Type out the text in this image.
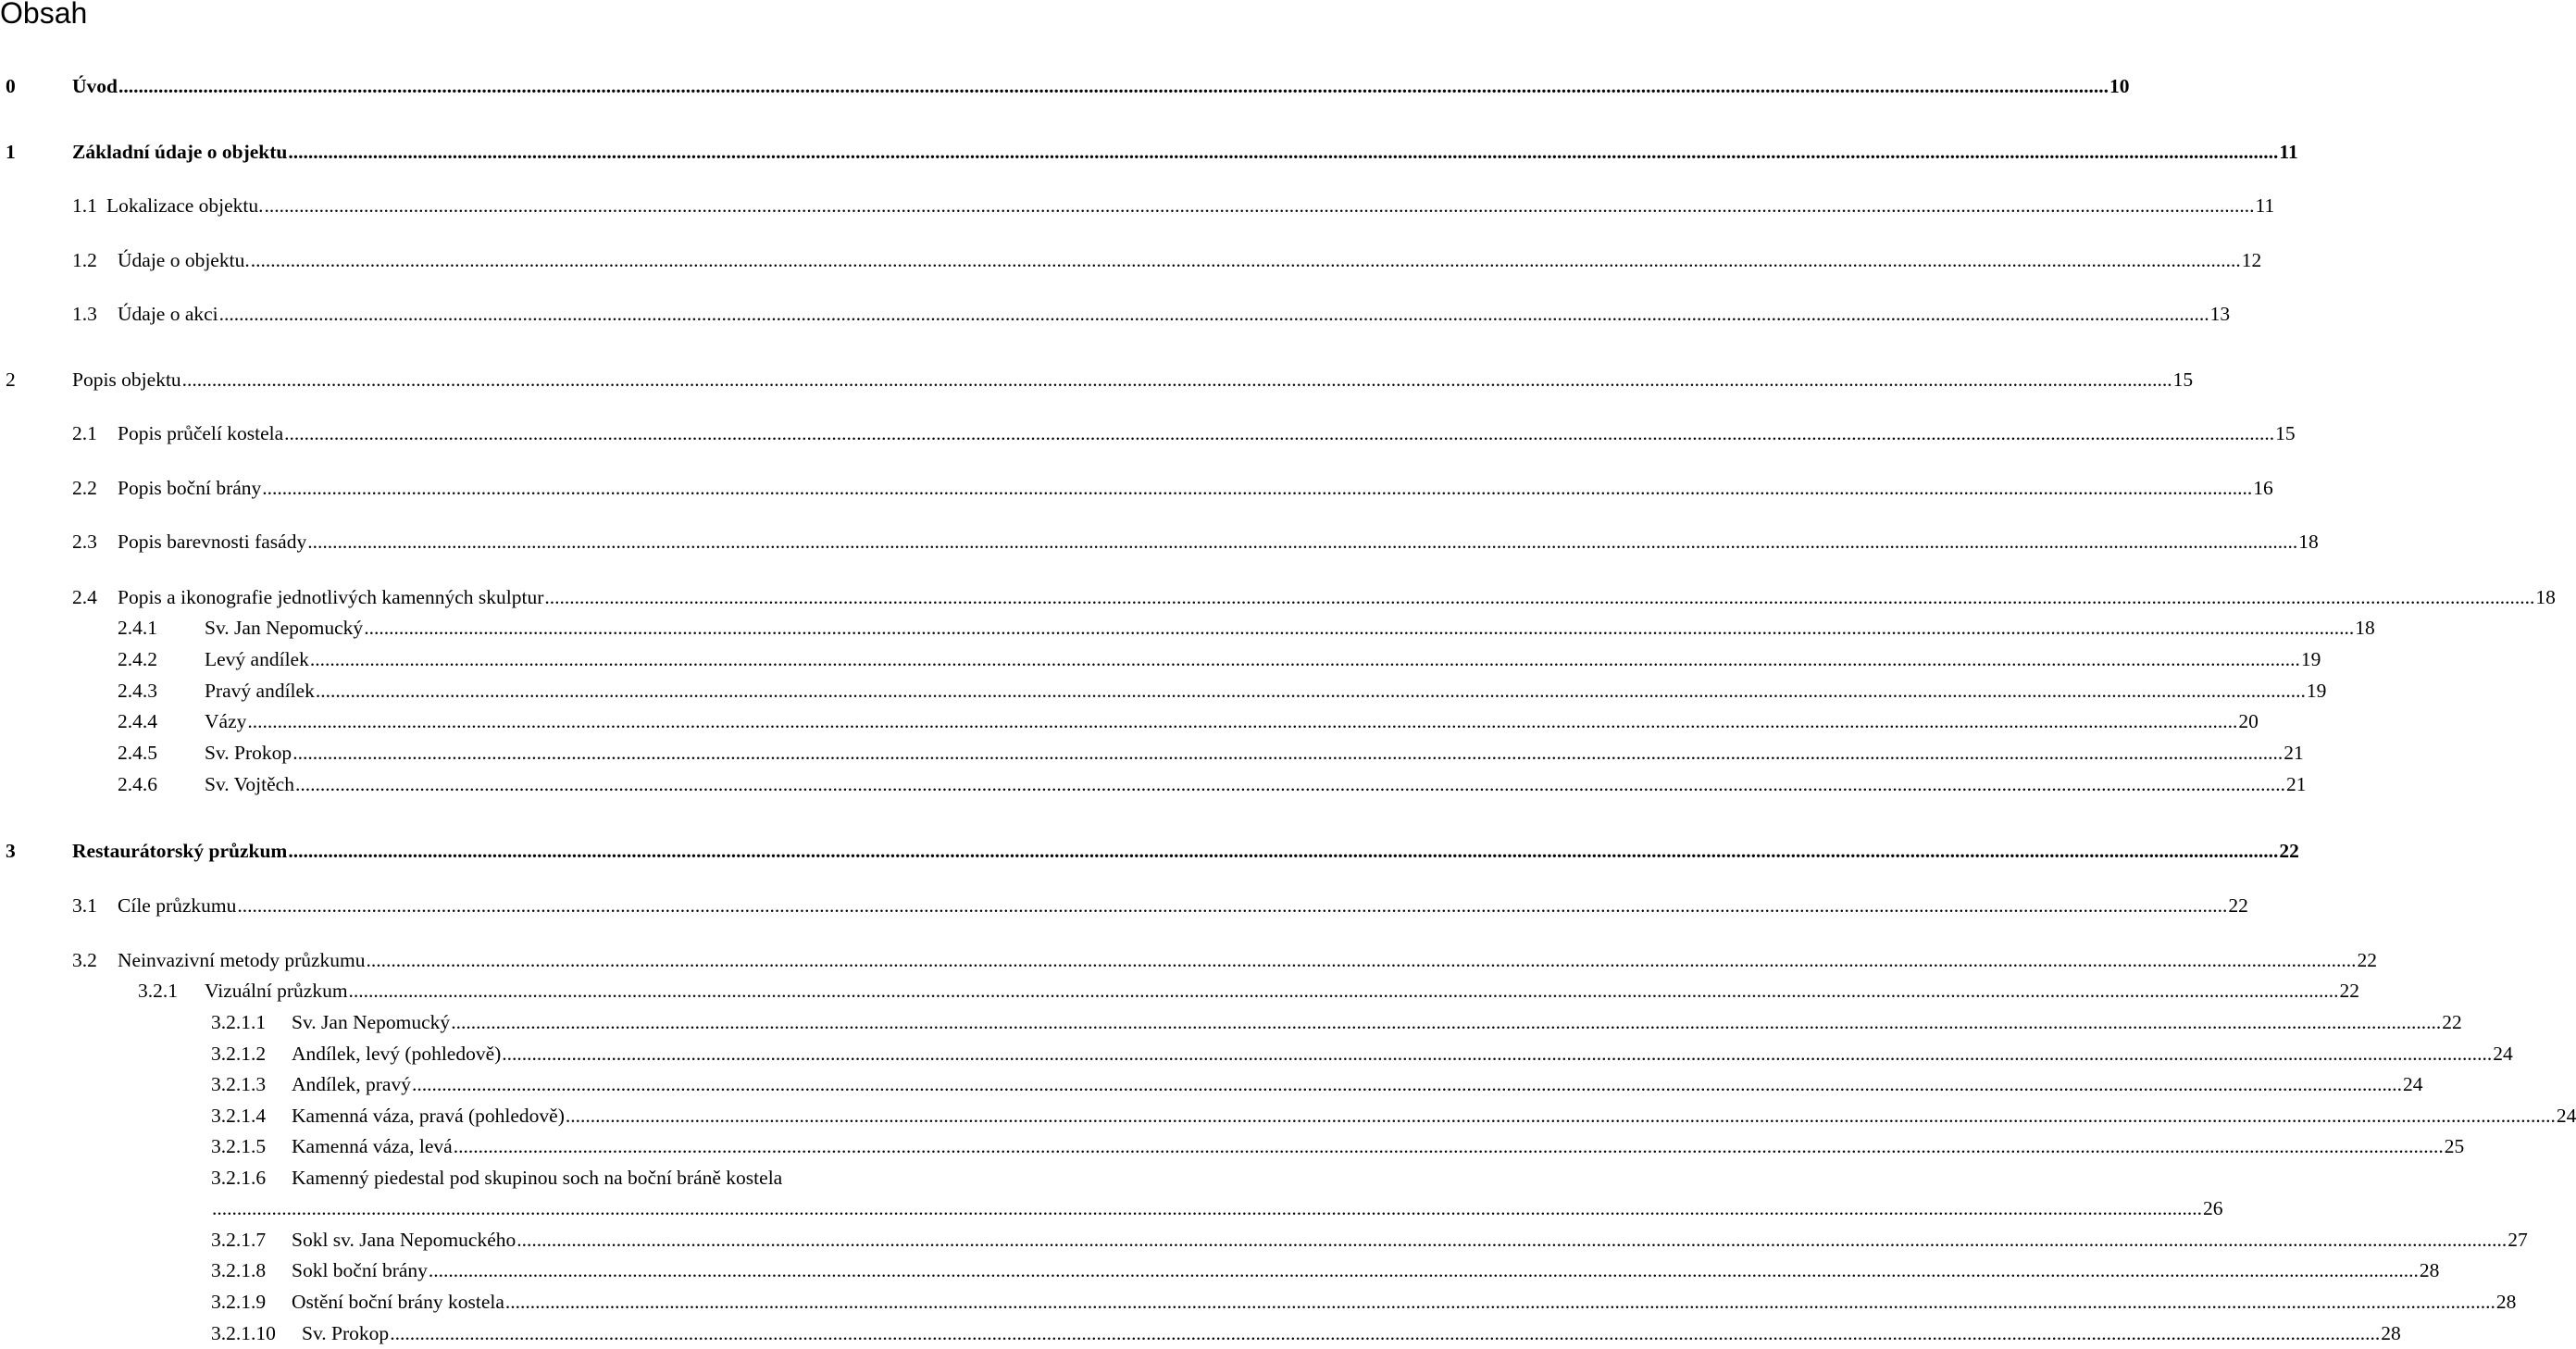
Obsah
0	Úvod ................................................................................................................................................................................................................................................................................................................................................................................................................ 10
1	Základní údaje o objektu ................................................................................................................................................................................................................................................................................................................................................................................................................ 11
1.1 Lokalizace objektu. ................................................................................................................................................................................................................................................................................................................................................................................................................ 11
1.2 Údaje o objektu. ................................................................................................................................................................................................................................................................................................................................................................................................................ 12
1.3 Údaje o akci ................................................................................................................................................................................................................................................................................................................................................................................................................ 13
2	Popis objektu ................................................................................................................................................................................................................................................................................................................................................................................................................ 15
2.1 Popis průčelí kostela ................................................................................................................................................................................................................................................................................................................................................................................................................ 15
2.2 Popis boční brány ................................................................................................................................................................................................................................................................................................................................................................................................................ 16
2.3 Popis barevnosti fasády ................................................................................................................................................................................................................................................................................................................................................................................................................ 18
2.4 Popis a ikonografie jednotlivých kamenných skulptur ................................................................................................................................................................................................................................................................................................................................................................................................................ 18
2.4.1 Sv. Jan Nepomucký ................................................................................................................................................................................................................................................................................................................................................................................................................ 18
2.4.2 Levý andílek ................................................................................................................................................................................................................................................................................................................................................................................................................ 19
2.4.3 Pravý andílek ................................................................................................................................................................................................................................................................................................................................................................................................................ 19
2.4.4 Vázy ................................................................................................................................................................................................................................................................................................................................................................................................................ 20
2.4.5 Sv. Prokop ................................................................................................................................................................................................................................................................................................................................................................................................................ 21
2.4.6 Sv. Vojtěch ................................................................................................................................................................................................................................................................................................................................................................................................................ 21
3	Restaurátorský průzkum ................................................................................................................................................................................................................................................................................................................................................................................................................ 22
3.1 Cíle průzkumu ................................................................................................................................................................................................................................................................................................................................................................................................................ 22
3.2 Neinvazivní metody průzkumu ................................................................................................................................................................................................................................................................................................................................................................................................................ 22
3.2.1 Vizuální průzkum ................................................................................................................................................................................................................................................................................................................................................................................................................ 22
3.2.1.1 Sv. Jan Nepomucký ................................................................................................................................................................................................................................................................................................................................................................................................................ 22
3.2.1.2 Andílek, levý (pohledově) ................................................................................................................................................................................................................................................................................................................................................................................................................ 24
3.2.1.3 Andílek, pravý ................................................................................................................................................................................................................................................................................................................................................................................................................ 24
3.2.1.4 Kamenná váza, pravá (pohledově) ................................................................................................................................................................................................................................................................................................................................................................................................................ 24
3.2.1.5 Kamenná váza, levá ................................................................................................................................................................................................................................................................................................................................................................................................................ 25
3.2.1.6 Kamenný piedestal pod skupinou soch na boční bráně kostela
................................................................................................................................................................................................................................................................................................................................................................................................................ 26
3.2.1.7 Sokl sv. Jana Nepomuckého ................................................................................................................................................................................................................................................................................................................................................................................................................ 27
3.2.1.8 Sokl boční brány ................................................................................................................................................................................................................................................................................................................................................................................................................ 28
3.2.1.9 Ostění boční brány kostela ................................................................................................................................................................................................................................................................................................................................................................................................................ 28
3.2.1.10 Sv. Prokop ................................................................................................................................................................................................................................................................................................................................................................................................................ 28
